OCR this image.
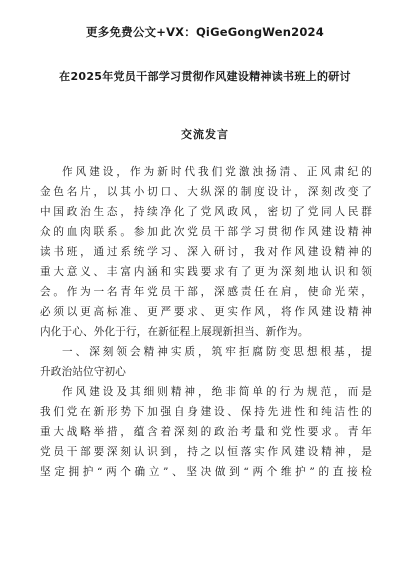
更多免费公文+VX：QiGeGongWen2024
在2025年党员干部学习贯彻作风建设精神读书班上的研讨
交流发言
作风建设，作为新时代我们党激浊扬清、正风肃纪的
金色名片，以其小切口、大纵深的制度设计，深刻改变了
中国政治生态，持续净化了党风政风，密切了党同人民群
众的血肉联系。参加此次党员干部学习贯彻作风建设精神
读书班，通过系统学习、深入研讨，我对作风建设精神的
重大意义、丰富内涵和实践要求有了更为深刻地认识和领
会。作为一名青年党员干部，深感责任在肩，使命光荣，
必须以更高标准、更严要求、更实作风，将作风建设精神
内化于心、外化于行，在新征程上展现新担当、新作为。
一、深刻领会精神实质，筑牢拒腐防变思想根基，提
升政治站位守初心
作风建设及其细则精神，绝非简单的行为规范，而是
我们党在新形势下加强自身建设、保持先进性和纯洁性的
重大战略举措，蕴含着深刻的政治考量和党性要求。青年
党员干部要深刻认识到，持之以恒落实作风建设精神，是
坚定拥护“两个确立”、坚决做到“两个维护”的直接检
